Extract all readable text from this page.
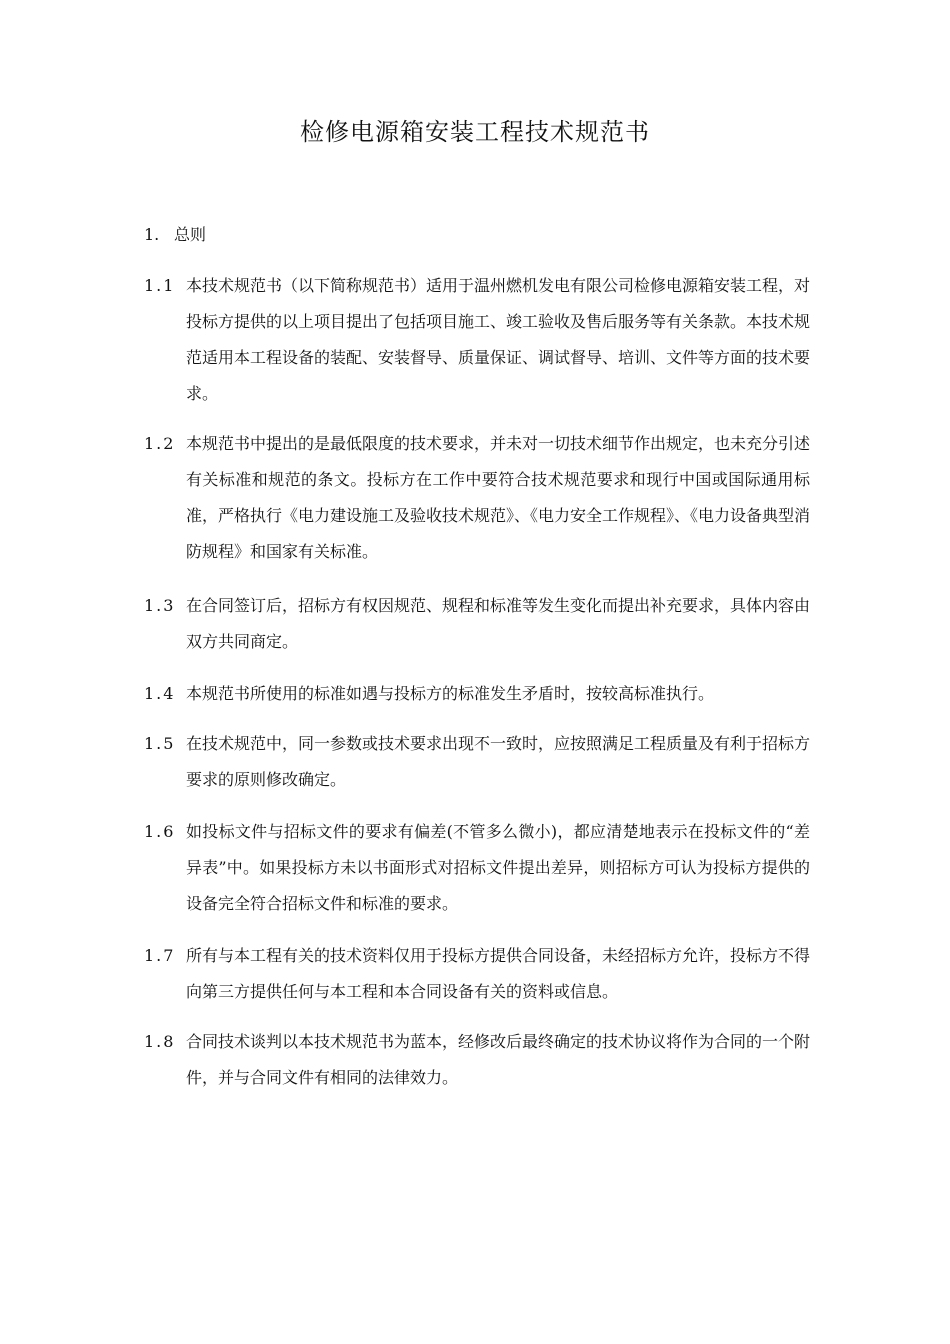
检修电源箱安装工程技术规范书
1. 总则
1.1 本技术规范书（以下简称规范书）适用于温州燃机发电有限公司检修电源箱安装工程，对投标方提供的以上项目提出了包括项目施工、竣工验收及售后服务等有关条款。本技术规范适用本工程设备的装配、安装督导、质量保证、调试督导、培训、文件等方面的技术要求。
1.2 本规范书中提出的是最低限度的技术要求，并未对一切技术细节作出规定，也未充分引述有关标准和规范的条文。投标方在工作中要符合技术规范要求和现行中国或国际通用标准，严格执行《电力建设施工及验收技术规范》、《电力安全工作规程》、《电力设备典型消防规程》和国家有关标准。
1.3 在合同签订后，招标方有权因规范、规程和标准等发生变化而提出补充要求，具体内容由双方共同商定。
1.4 本规范书所使用的标准如遇与投标方的标准发生矛盾时，按较高标准执行。
1.5 在技术规范中，同一参数或技术要求出现不一致时，应按照满足工程质量及有利于招标方要求的原则修改确定。
1.6 如投标文件与招标文件的要求有偏差(不管多么微小)，都应清楚地表示在投标文件的“差异表”中。如果投标方未以书面形式对招标文件提出差异，则招标方可认为投标方提供的设备完全符合招标文件和标准的要求。
1.7 所有与本工程有关的技术资料仅用于投标方提供合同设备，未经招标方允许，投标方不得向第三方提供任何与本工程和本合同设备有关的资料或信息。
1.8 合同技术谈判以本技术规范书为蓝本，经修改后最终确定的技术协议将作为合同的一个附件，并与合同文件有相同的法律效力。
